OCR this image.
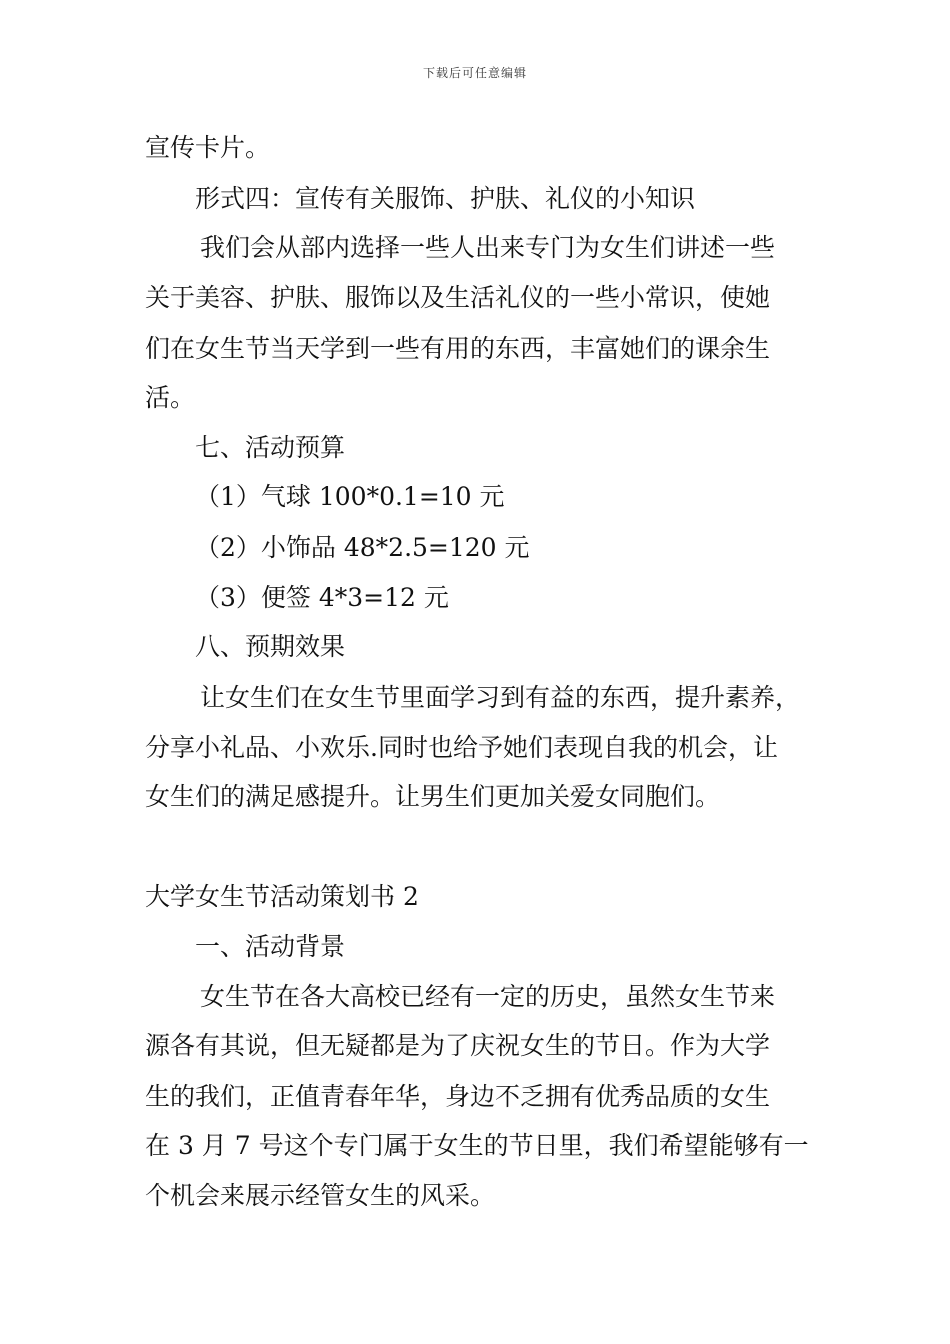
下载后可任意编辑
宣传卡片。
形式四：宣传有关服饰、护肤、礼仪的小知识
我们会从部内选择一些人出来专门为女生们讲述一些
关于美容、护肤、服饰以及生活礼仪的一些小常识，使她
们在女生节当天学到一些有用的东西，丰富她们的课余生
活。
七、活动预算
（1）气球 100*0.1=10 元
（2）小饰品 48*2.5=120 元
（3）便签 4*3=12 元
八、预期效果
让女生们在女生节里面学习到有益的东西，提升素养，
分享小礼品、小欢乐.同时也给予她们表现自我的机会，让
女生们的满足感提升。让男生们更加关爱女同胞们。
大学女生节活动策划书 2
一、活动背景
女生节在各大高校已经有一定的历史，虽然女生节来
源各有其说，但无疑都是为了庆祝女生的节日。作为大学
生的我们，正值青春年华，身边不乏拥有优秀品质的女生
在 3 月 7 号这个专门属于女生的节日里，我们希望能够有一
个机会来展示经管女生的风采。
